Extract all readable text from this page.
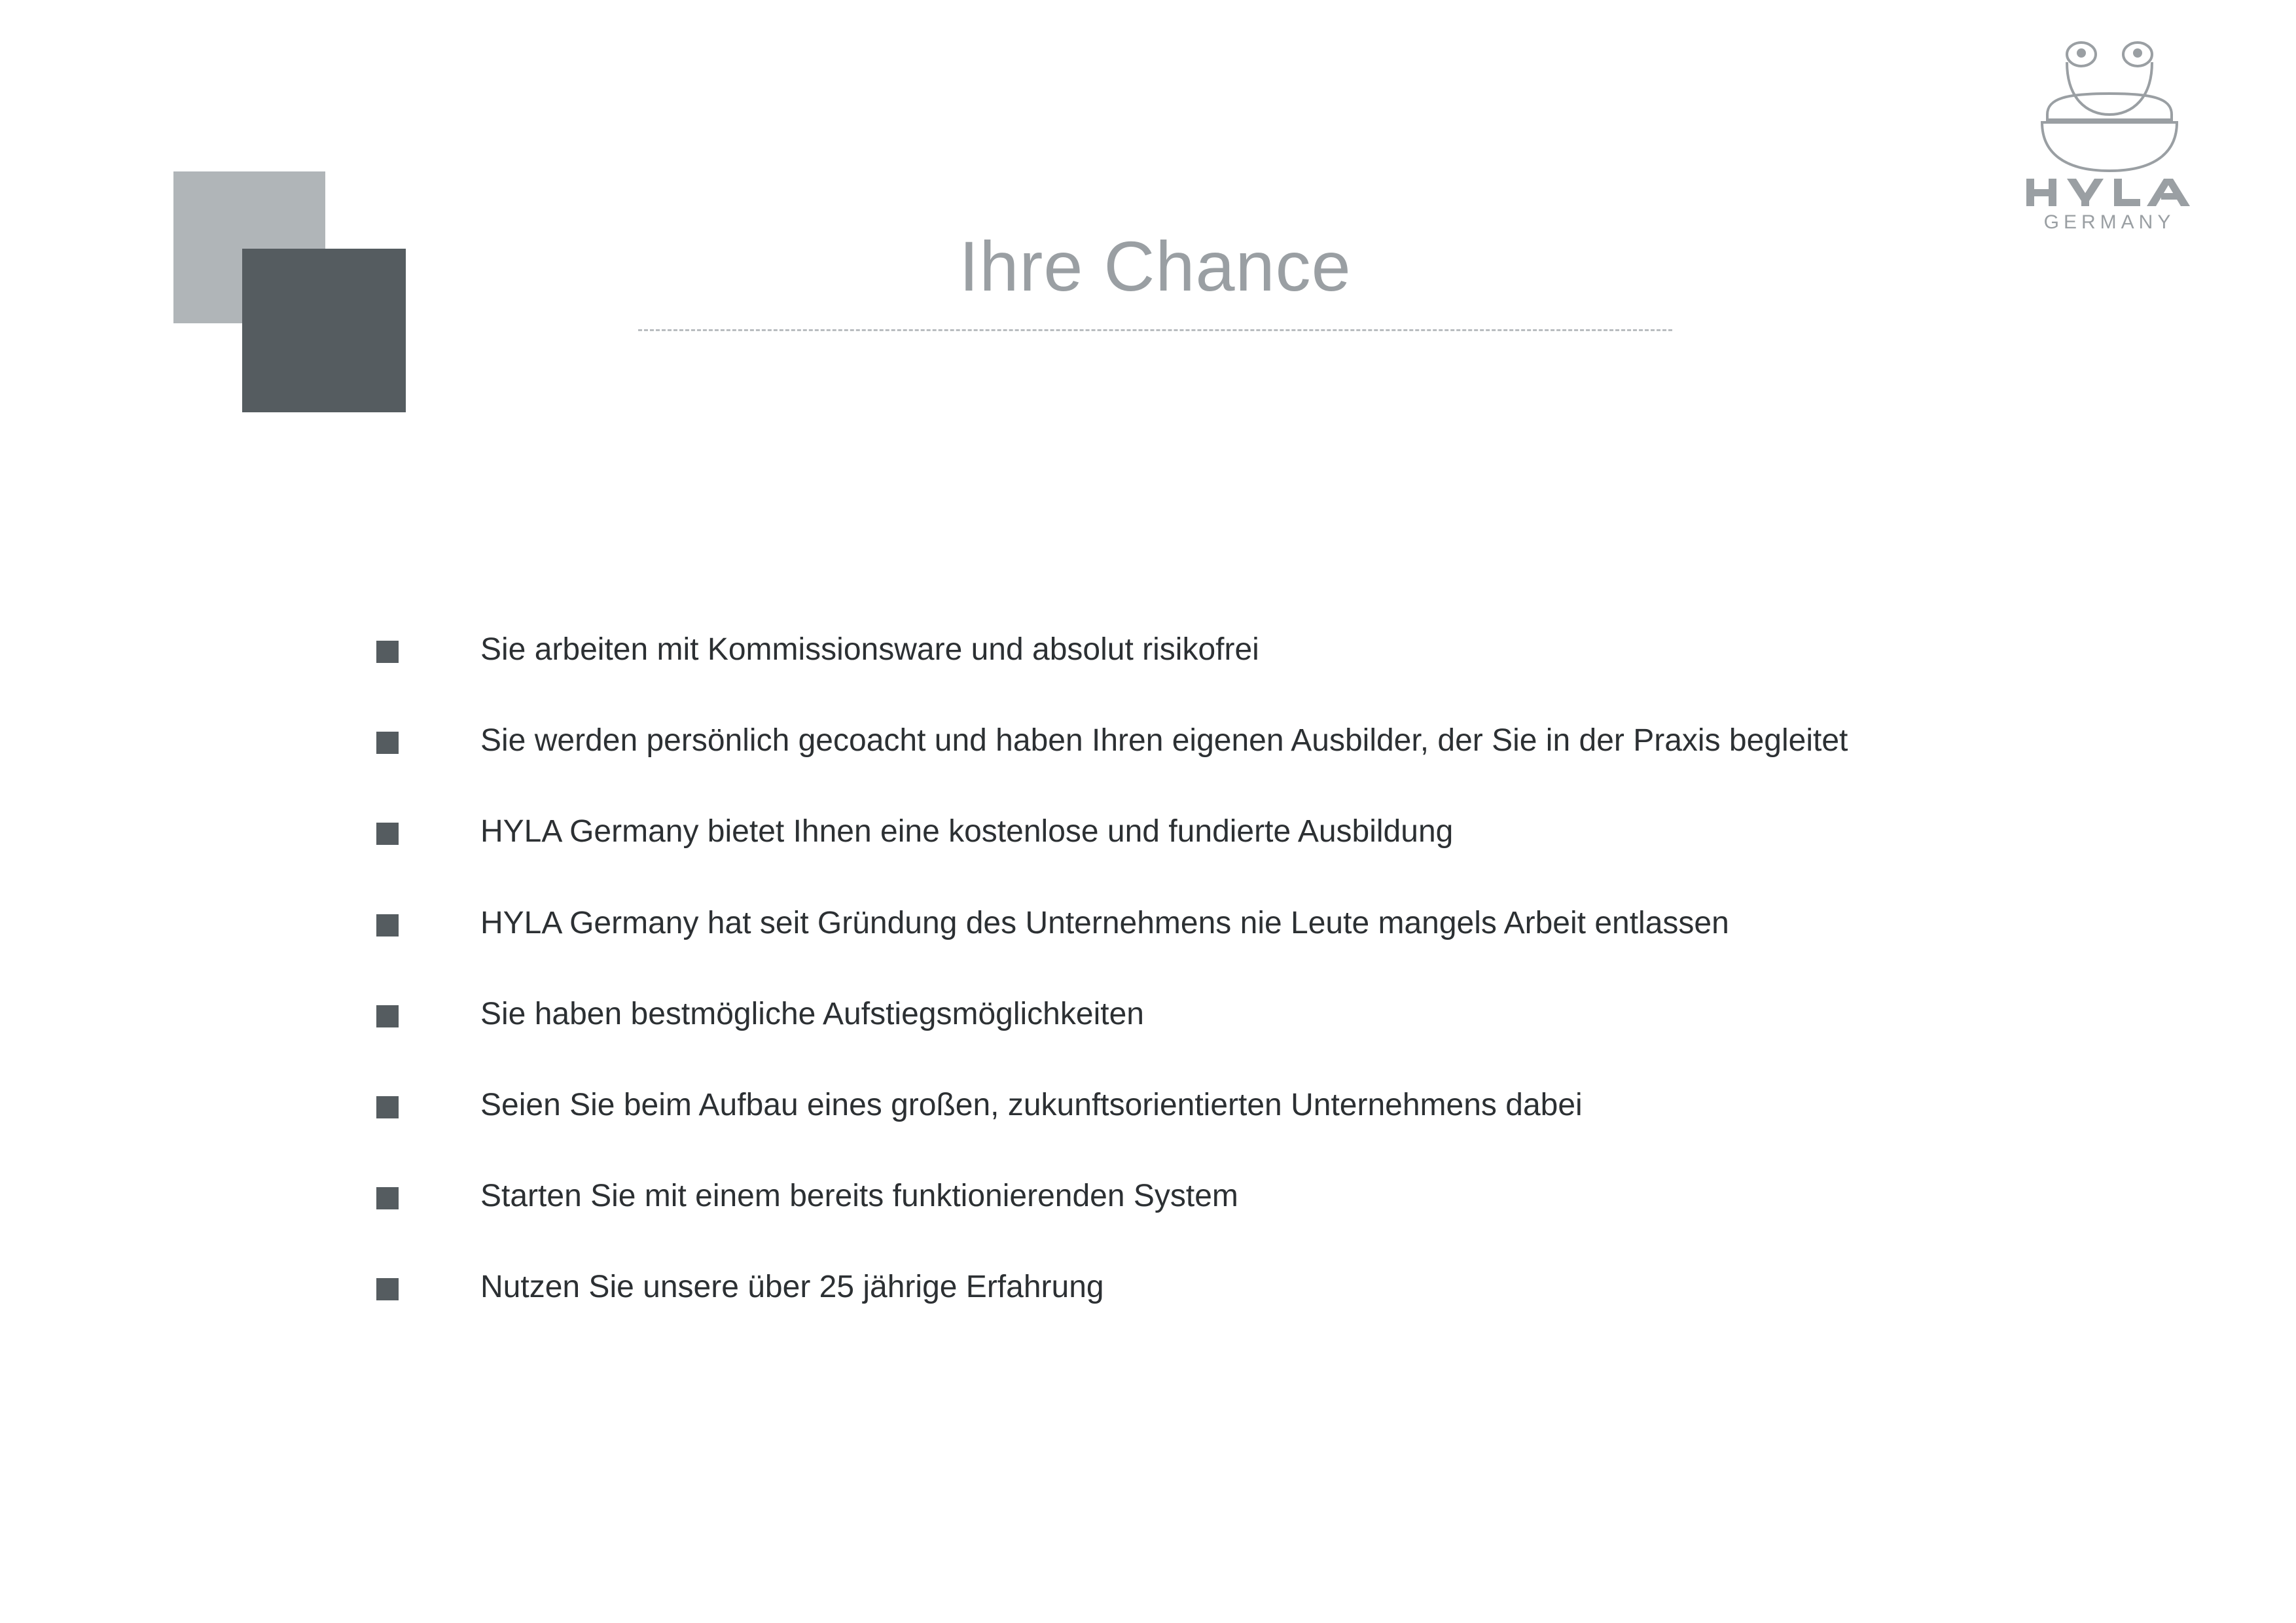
Ihre Chance
GERMANY
Sie arbeiten mit Kommissionsware und absolut risikofrei
Sie werden persönlich gecoacht und haben Ihren eigenen Ausbilder, der Sie in der Praxis begleitet
HYLA Germany bietet Ihnen eine kostenlose und fundierte Ausbildung
HYLA Germany hat seit Gründung des Unternehmens nie Leute mangels Arbeit entlassen
Sie haben bestmögliche Aufstiegsmöglichkeiten
Seien Sie beim Aufbau eines großen, zukunftsorientierten Unternehmens dabei
Starten Sie mit einem bereits funktionierenden System
Nutzen Sie unsere über 25 jährige Erfahrung
